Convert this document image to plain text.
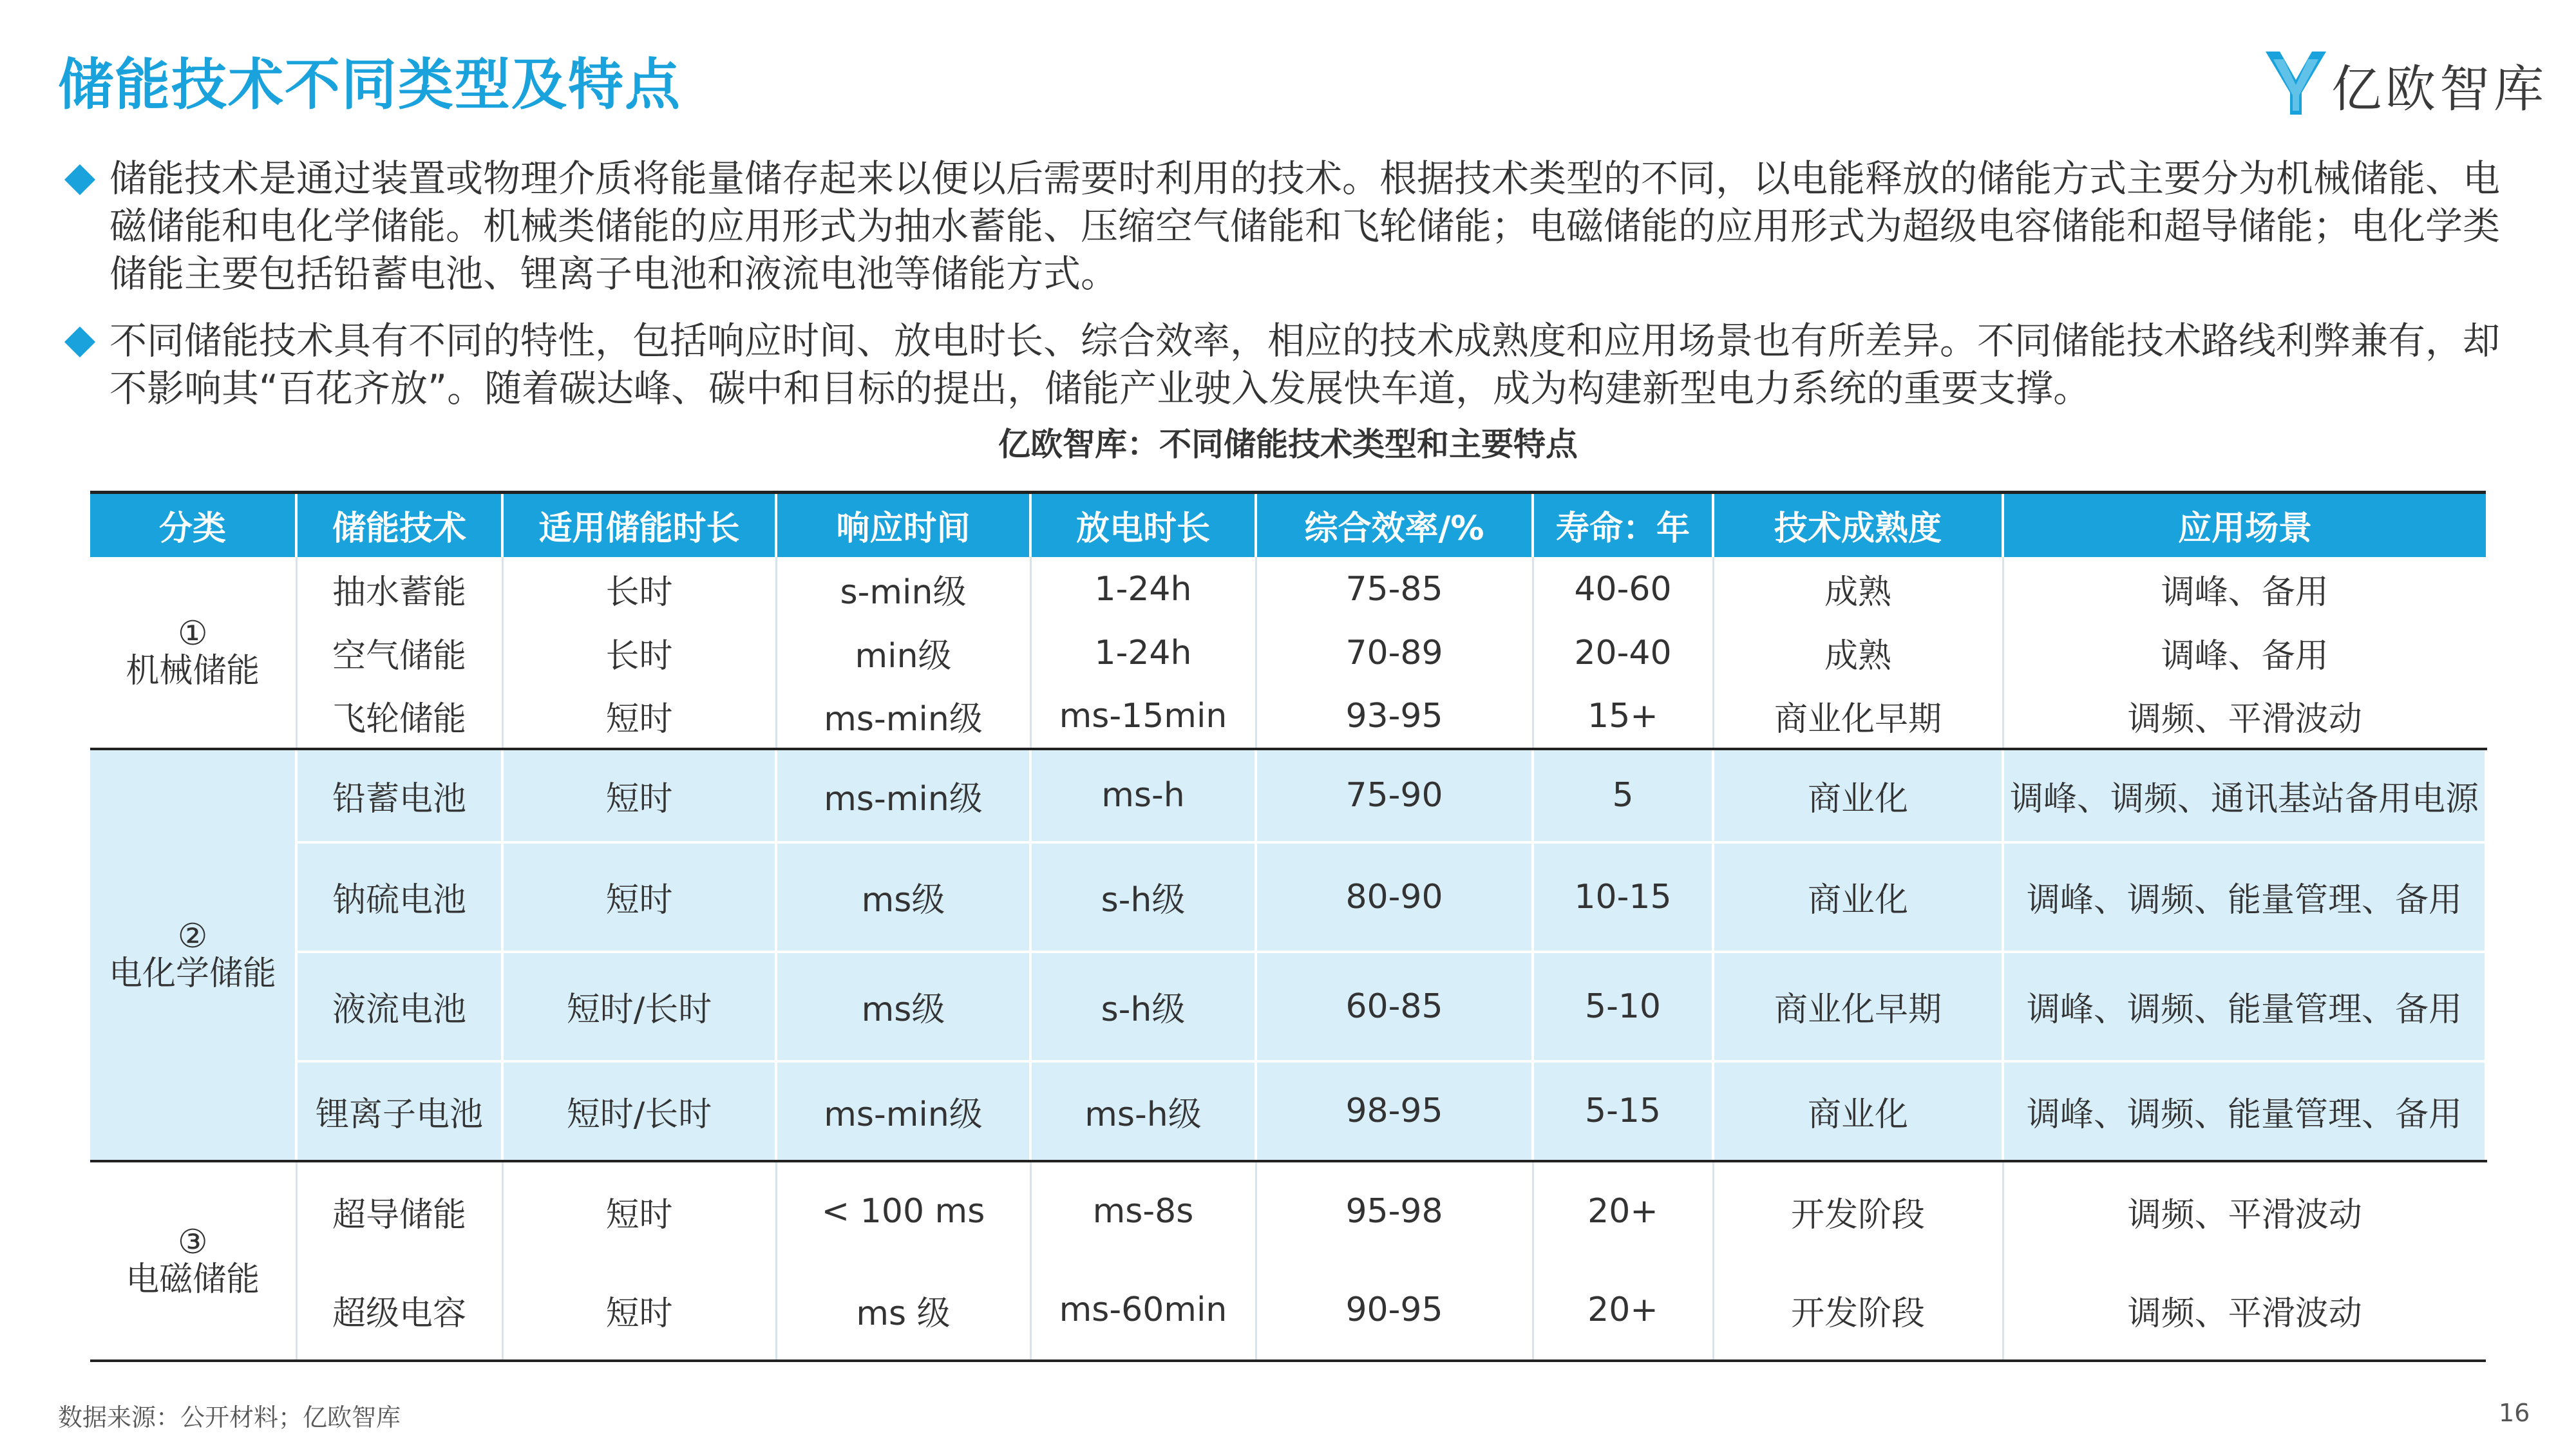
储能技术不同类型及特点	亿欧智库
储能技术是通过装置或物理介质将能量储存起来以便以后需要时利用的技术。根据技术类型的不同，以电能释放的储能方式主要分为机械储能、电磁储能和电化学储能。机械类储能的应用形式为抽水蓄能、压缩空气储能和飞轮储能；电磁储能的应用形式为超级电容储能和超导储能；电化学类储能主要包括铅蓄电池、锂离子电池和液流电池等储能方式。
不同储能技术具有不同的特性，包括响应时间、放电时长、综合效率，相应的技术成熟度和应用场景也有所差异。不同储能技术路线利弊兼有，却不影响其“百花齐放”。随着碳达峰、碳中和目标的提出，储能产业驶入发展快车道，成为构建新型电力系统的重要支撑。
亿欧智库：不同储能技术类型和主要特点
分类	储能技术	适用储能时长	响应时间	放电时长	综合效率/%	寿命：年	技术成熟度	应用场景

①
机械储能	抽水蓄能	长时	s-min级	1-24h	75-85	40-60	成熟	调峰、备用
	空气储能	长时	min级	1-24h	70-89	20-40	成熟	调峰、备用
	飞轮储能	短时	ms-min级	ms-15min	93-95	15+	商业化早期	调频、平滑波动

②
电化学储能	铅蓄电池	短时	ms-min级	ms-h	75-90	5	商业化	调峰、调频、通讯基站备用电源
	钠硫电池	短时	ms级	s-h级	80-90	10-15	商业化	调峰、调频、能量管理、备用
	液流电池	短时/长时	ms级	s-h级	60-85	5-10	商业化早期	调峰、调频、能量管理、备用
	锂离子电池	短时/长时	ms-min级	ms-h级	98-95	5-15	商业化	调峰、调频、能量管理、备用

③
电磁储能	超导储能	短时	< 100 ms	ms-8s	95-98	20+	开发阶段	调频、平滑波动
	超级电容	短时	ms 级	ms-60min	90-95	20+	开发阶段	调频、平滑波动
数据来源：公开材料；亿欧智库	16
